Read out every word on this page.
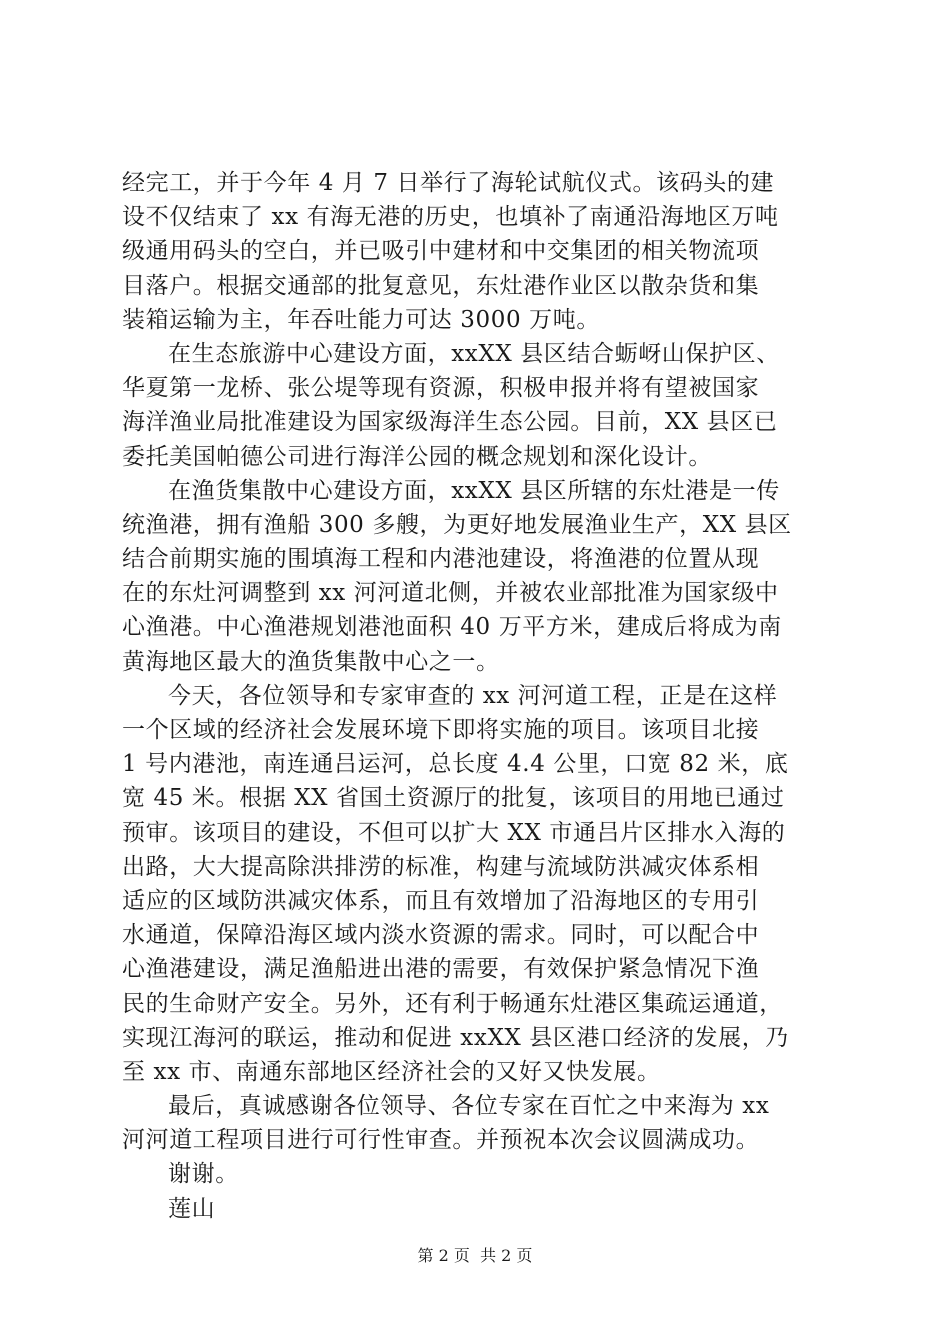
经完工，并于今年 4 月 7 日举行了海轮试航仪式。该码头的建
设不仅结束了 xx 有海无港的历史，也填补了南通沿海地区万吨
级通用码头的空白，并已吸引中建材和中交集团的相关物流项
目落户。根据交通部的批复意见，东灶港作业区以散杂货和集
装箱运输为主，年吞吐能力可达 3000 万吨。
在生态旅游中心建设方面，xxXX 县区结合蛎岈山保护区、
华夏第一龙桥、张公堤等现有资源，积极申报并将有望被国家
海洋渔业局批准建设为国家级海洋生态公园。目前，XX 县区已
委托美国帕德公司进行海洋公园的概念规划和深化设计。
在渔货集散中心建设方面，xxXX 县区所辖的东灶港是一传
统渔港，拥有渔船 300 多艘，为更好地发展渔业生产，XX 县区
结合前期实施的围填海工程和内港池建设，将渔港的位置从现
在的东灶河调整到 xx 河河道北侧，并被农业部批准为国家级中
心渔港。中心渔港规划港池面积 40 万平方米，建成后将成为南
黄海地区最大的渔货集散中心之一。
今天，各位领导和专家审查的 xx 河河道工程，正是在这样
一个区域的经济社会发展环境下即将实施的项目。该项目北接
1 号内港池，南连通吕运河，总长度 4.4 公里，口宽 82 米，底
宽 45 米。根据 XX 省国土资源厅的批复，该项目的用地已通过
预审。该项目的建设，不但可以扩大 XX 市通吕片区排水入海的
出路，大大提高除洪排涝的标准，构建与流域防洪减灾体系相
适应的区域防洪减灾体系，而且有效增加了沿海地区的专用引
水通道，保障沿海区域内淡水资源的需求。同时，可以配合中
心渔港建设，满足渔船进出港的需要，有效保护紧急情况下渔
民的生命财产安全。另外，还有利于畅通东灶港区集疏运通道，
实现江海河的联运，推动和促进 xxXX 县区港口经济的发展，乃
至 xx 市、南通东部地区经济社会的又好又快发展。
最后，真诚感谢各位领导、各位专家在百忙之中来海为 xx
河河道工程项目进行可行性审查。并预祝本次会议圆满成功。
谢谢。
莲山
第 2 页  共 2 页
